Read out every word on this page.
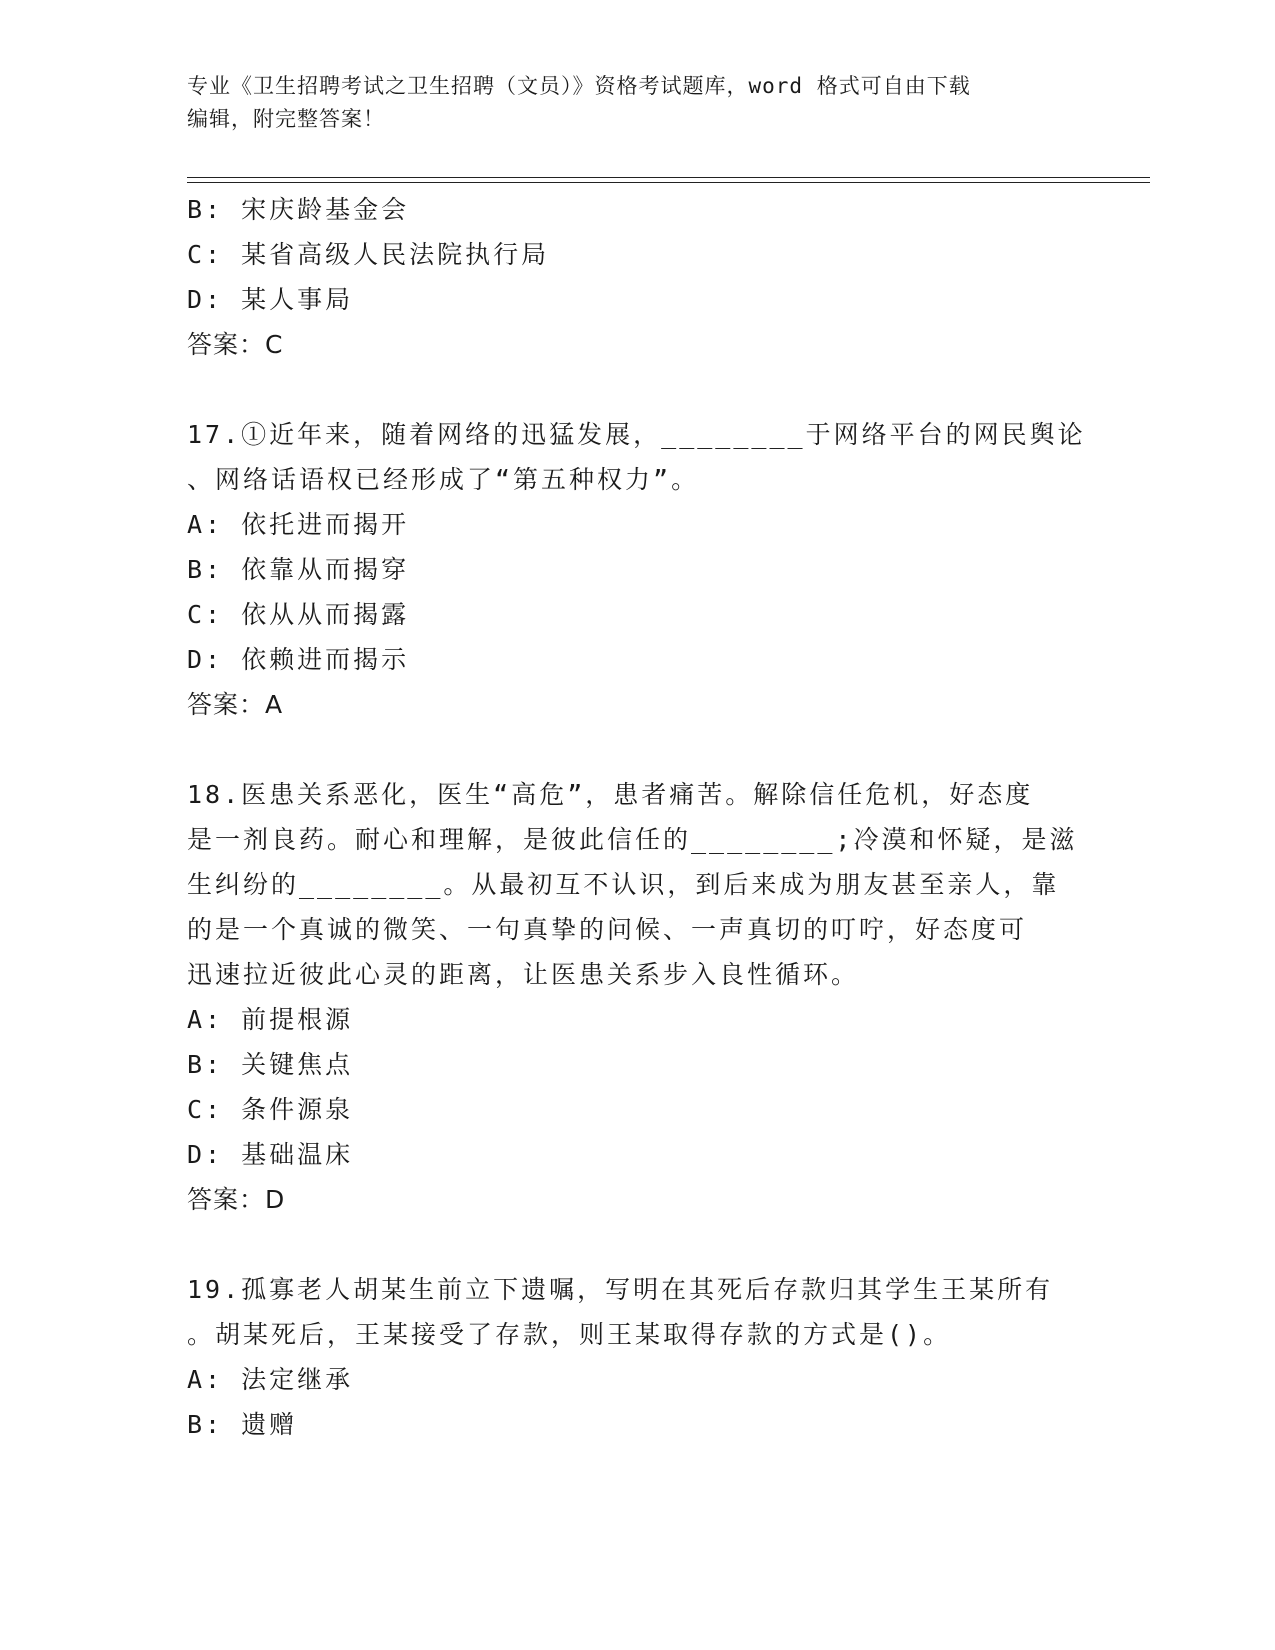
专业《卫生招聘考试之卫生招聘（文员）》资格考试题库，word 格式可自由下载
编辑，附完整答案！
B: 宋庆龄基金会
C: 某省高级人民法院执行局
D: 某人事局
答案：C
17.①近年来，随着网络的迅猛发展，________于网络平台的网民舆论
、网络话语权已经形成了“第五种权力”。
A: 依托进而揭开
B: 依靠从而揭穿
C: 依从从而揭露
D: 依赖进而揭示
答案：A
18.医患关系恶化，医生“高危”，患者痛苦。解除信任危机，好态度
是一剂良药。耐心和理解，是彼此信任的________;冷漠和怀疑，是滋
生纠纷的________。从最初互不认识，到后来成为朋友甚至亲人，靠
的是一个真诚的微笑、一句真挚的问候、一声真切的叮咛，好态度可
迅速拉近彼此心灵的距离，让医患关系步入良性循环。
A: 前提根源
B: 关键焦点
C: 条件源泉
D: 基础温床
答案：D
19.孤寡老人胡某生前立下遗嘱，写明在其死后存款归其学生王某所有
。胡某死后，王某接受了存款，则王某取得存款的方式是()。
A: 法定继承
B: 遗赠
